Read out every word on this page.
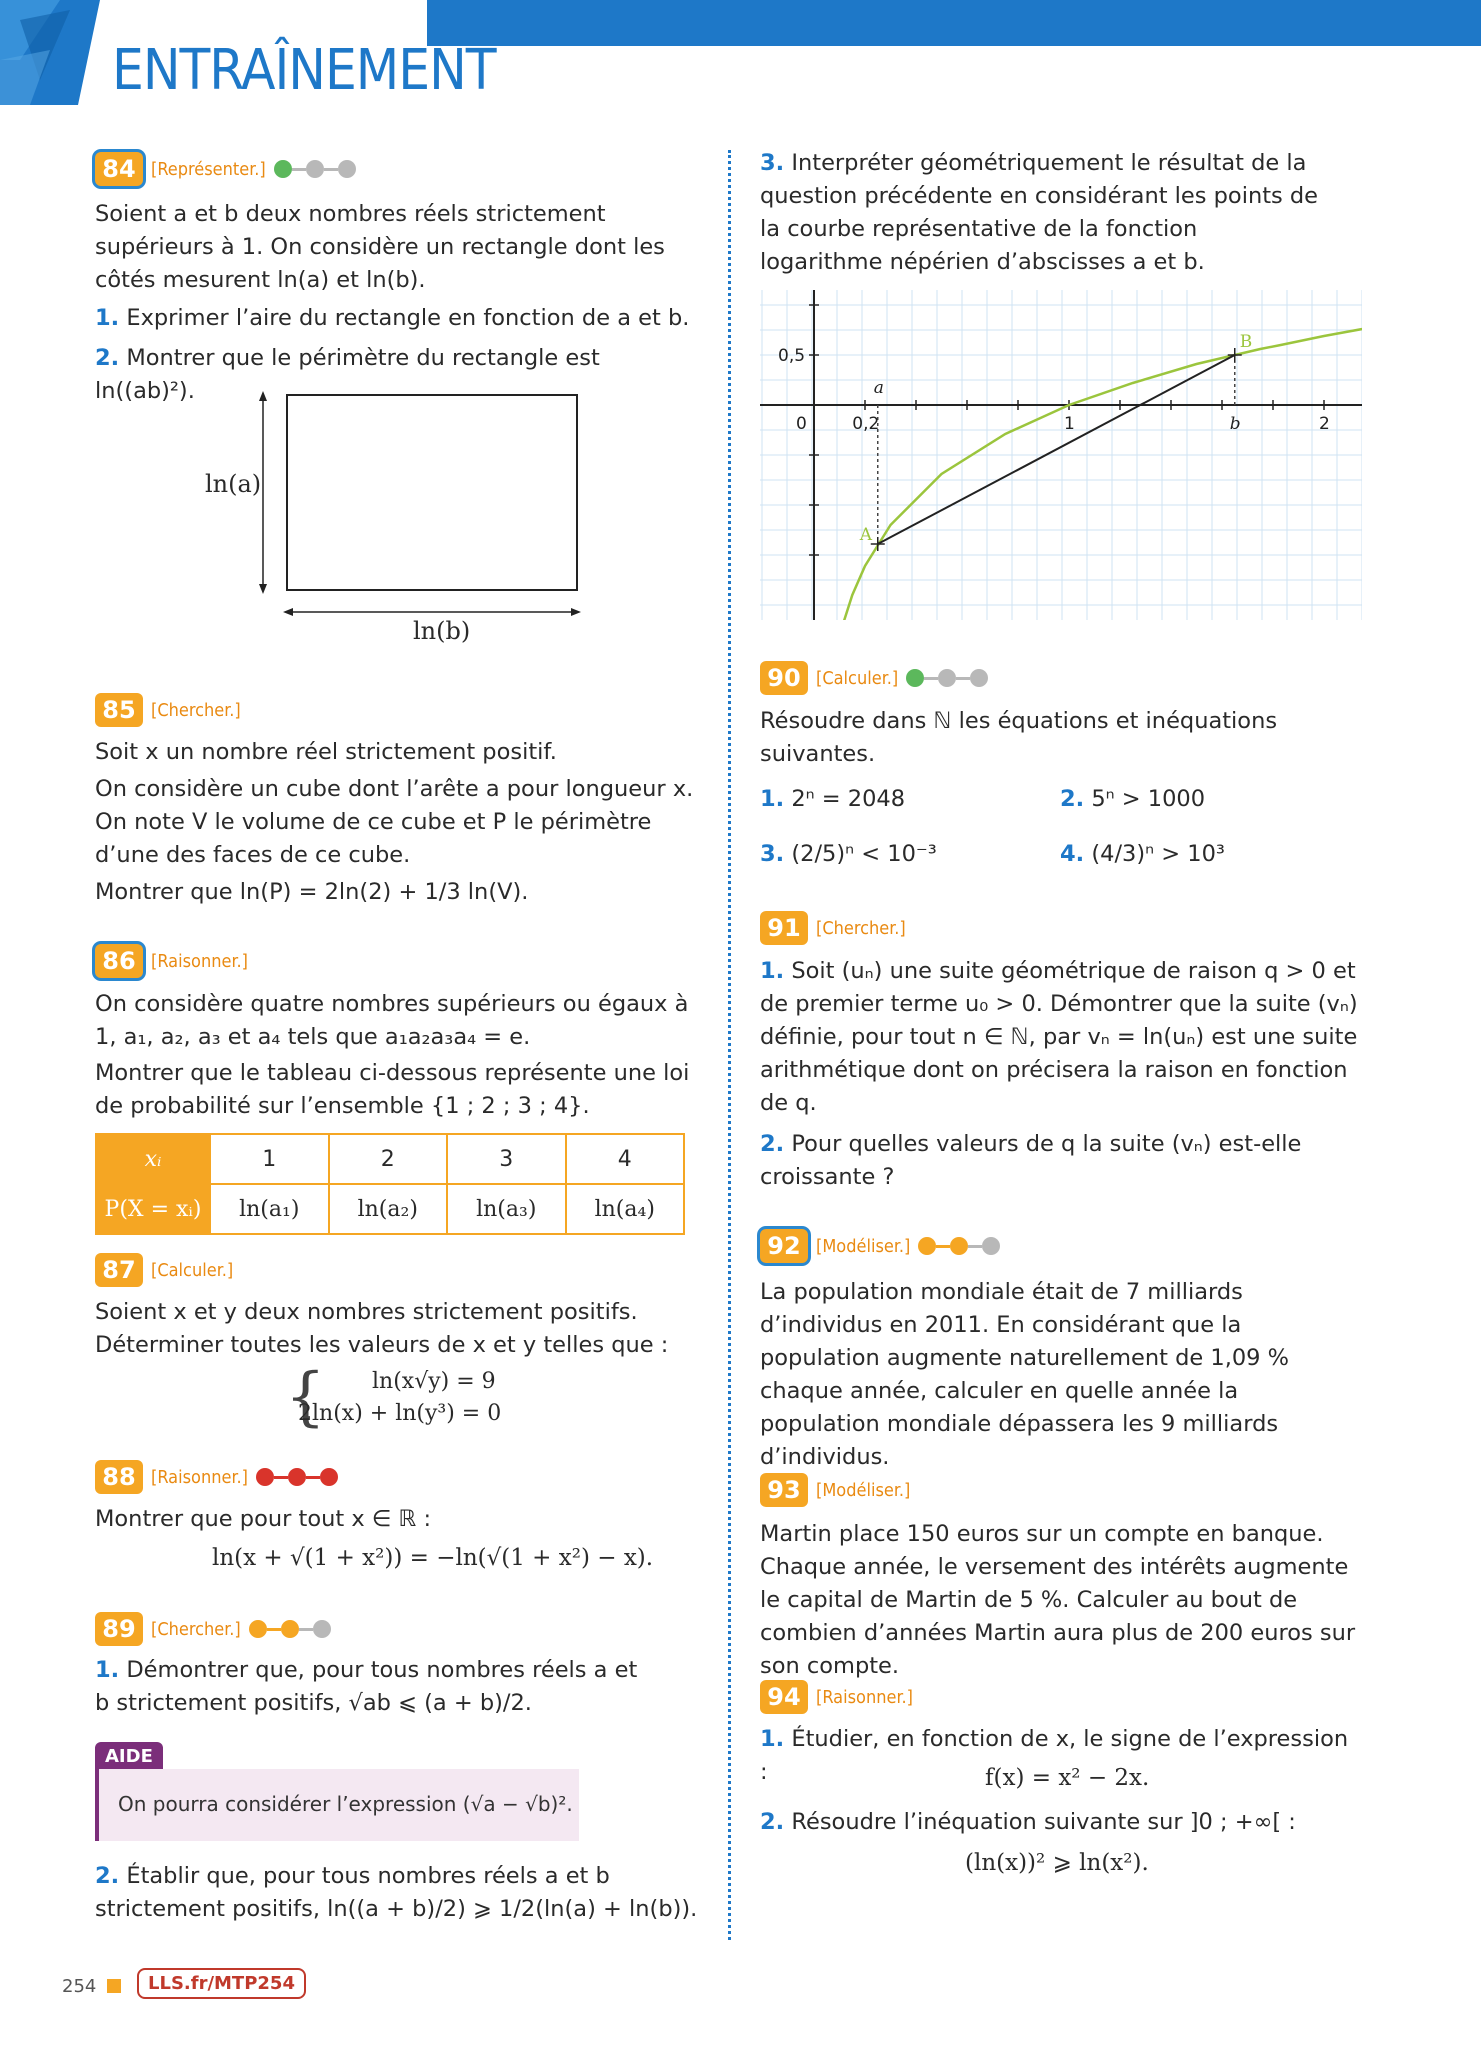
ENTRAÎNEMENT
84 [Représenter.]

Soient a et b deux nombres réels strictement supérieurs à 1. On considère un rectangle dont les côtés mesurent ln(a) et ln(b).

1. Exprimer l’aire du rectangle en fonction de a et b.

2. Montrer que le périmètre du rectangle est ln((ab)²).

ln(a)
ln(b)
85 [Chercher.]

Soit x un nombre réel strictement positif.

On considère un cube dont l’arête a pour longueur x. On note V le volume de ce cube et P le périmètre d’une des faces de ce cube.

Montrer que ln(P) = 2ln(2) + 1/3 ln(V).

86 [Raisonner.]

On considère quatre nombres supérieurs ou égaux à 1, a₁, a₂, a₃ et a₄ tels que a₁a₂a₃a₄ = e.

Montrer que le tableau ci-dessous représente une loi de probabilité sur l’ensemble {1 ; 2 ; 3 ; 4}.

xᵢ	1	2	3	4
P(X = xᵢ)	ln(a₁)	ln(a₂)	ln(a₃)	ln(a₄)
87 [Calculer.]

Soient x et y deux nombres strictement positifs.

Déterminer toutes les valeurs de x et y telles que :

{ ln(x√y) = 9
2ln(x) + ln(y³) = 0
88 [Raisonner.]

Montrer que pour tout x ∈ ℝ :

ln(x + √(1 + x²)) = −ln(√(1 + x²) − x).
89 [Chercher.]

1. Démontrer que, pour tous nombres réels a et b strictement positifs, √ab ⩽ (a + b)/2.

AIDE
On pourra considérer l’expression (√a − √b)².

2. Établir que, pour tous nombres réels a et b strictement positifs, ln((a + b)/2) ⩾ 1/2(ln(a) + ln(b)).

3. Interpréter géométriquement le résultat de la question précédente en considérant les points de la courbe représentative de la fonction logarithme népérien d’abscisses a et b.

0	0,2	1	b	2
0,5
A
B
a
90 [Calculer.]

Résoudre dans ℕ les équations et inéquations suivantes.

1. 2ⁿ = 2048	2. 5ⁿ > 1000

3. (2/5)ⁿ < 10⁻³	4. (4/3)ⁿ > 10³

91 [Chercher.]

1. Soit (uₙ) une suite géométrique de raison q > 0 et de premier terme u₀ > 0. Démontrer que la suite (vₙ) définie, pour tout n ∈ ℕ, par vₙ = ln(uₙ) est une suite arithmétique dont on précisera la raison en fonction de q.

2. Pour quelles valeurs de q la suite (vₙ) est-elle croissante ?

92 [Modéliser.]

La population mondiale était de 7 milliards d’individus en 2011. En considérant que la population augmente naturellement de 1,09 % chaque année, calculer en quelle année la population mondiale dépassera les 9 milliards d’individus.

93 [Modéliser.]

Martin place 150 euros sur un compte en banque. Chaque année, le versement des intérêts augmente le capital de Martin de 5 %. Calculer au bout de combien d’années Martin aura plus de 200 euros sur son compte.

94 [Raisonner.]

1. Étudier, en fonction de x, le signe de l’expression :	f(x) = x² − 2x.

2. Résoudre l’inéquation suivante sur ]0 ; +∞[ :

(ln(x))² ⩾ ln(x²).
254	LLS.fr/MTP254
